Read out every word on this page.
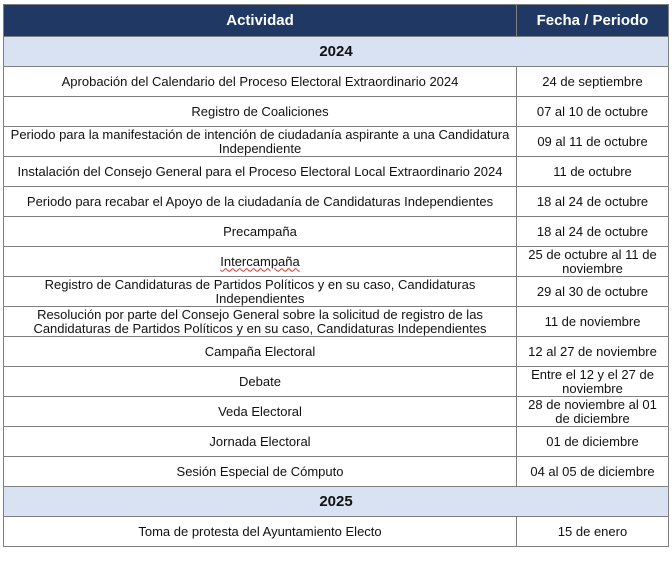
Actividad	Fecha / Periodo
2024	
Aprobación del Calendario del Proceso Electoral Extraordinario 2024	24 de septiembre
Registro de Coaliciones	07 al 10 de octubre
Periodo para la manifestación de intención de ciudadanía aspirante a una Candidatura Independiente	09 al 11 de octubre
Instalación del Consejo General para el Proceso Electoral Local Extraordinario 2024	11 de octubre
Periodo para recabar el Apoyo de la ciudadanía de Candidaturas Independientes	18 al 24 de octubre
Precampaña	18 al 24 de octubre
Intercampaña	25 de octubre al 11 de noviembre
Registro de Candidaturas de Partidos Políticos y en su caso, Candidaturas Independientes	29 al 30 de octubre
Resolución por parte del Consejo General sobre la solicitud de registro de las Candidaturas de Partidos Políticos y en su caso, Candidaturas Independientes	11 de noviembre
Campaña Electoral	12 al 27 de noviembre
Debate	Entre el 12 y el 27 de noviembre
Veda Electoral	28 de noviembre al 01 de diciembre
Jornada Electoral	01 de diciembre
Sesión Especial de Cómputo	04 al 05 de diciembre
2025	
Toma de protesta del Ayuntamiento Electo	15 de enero
